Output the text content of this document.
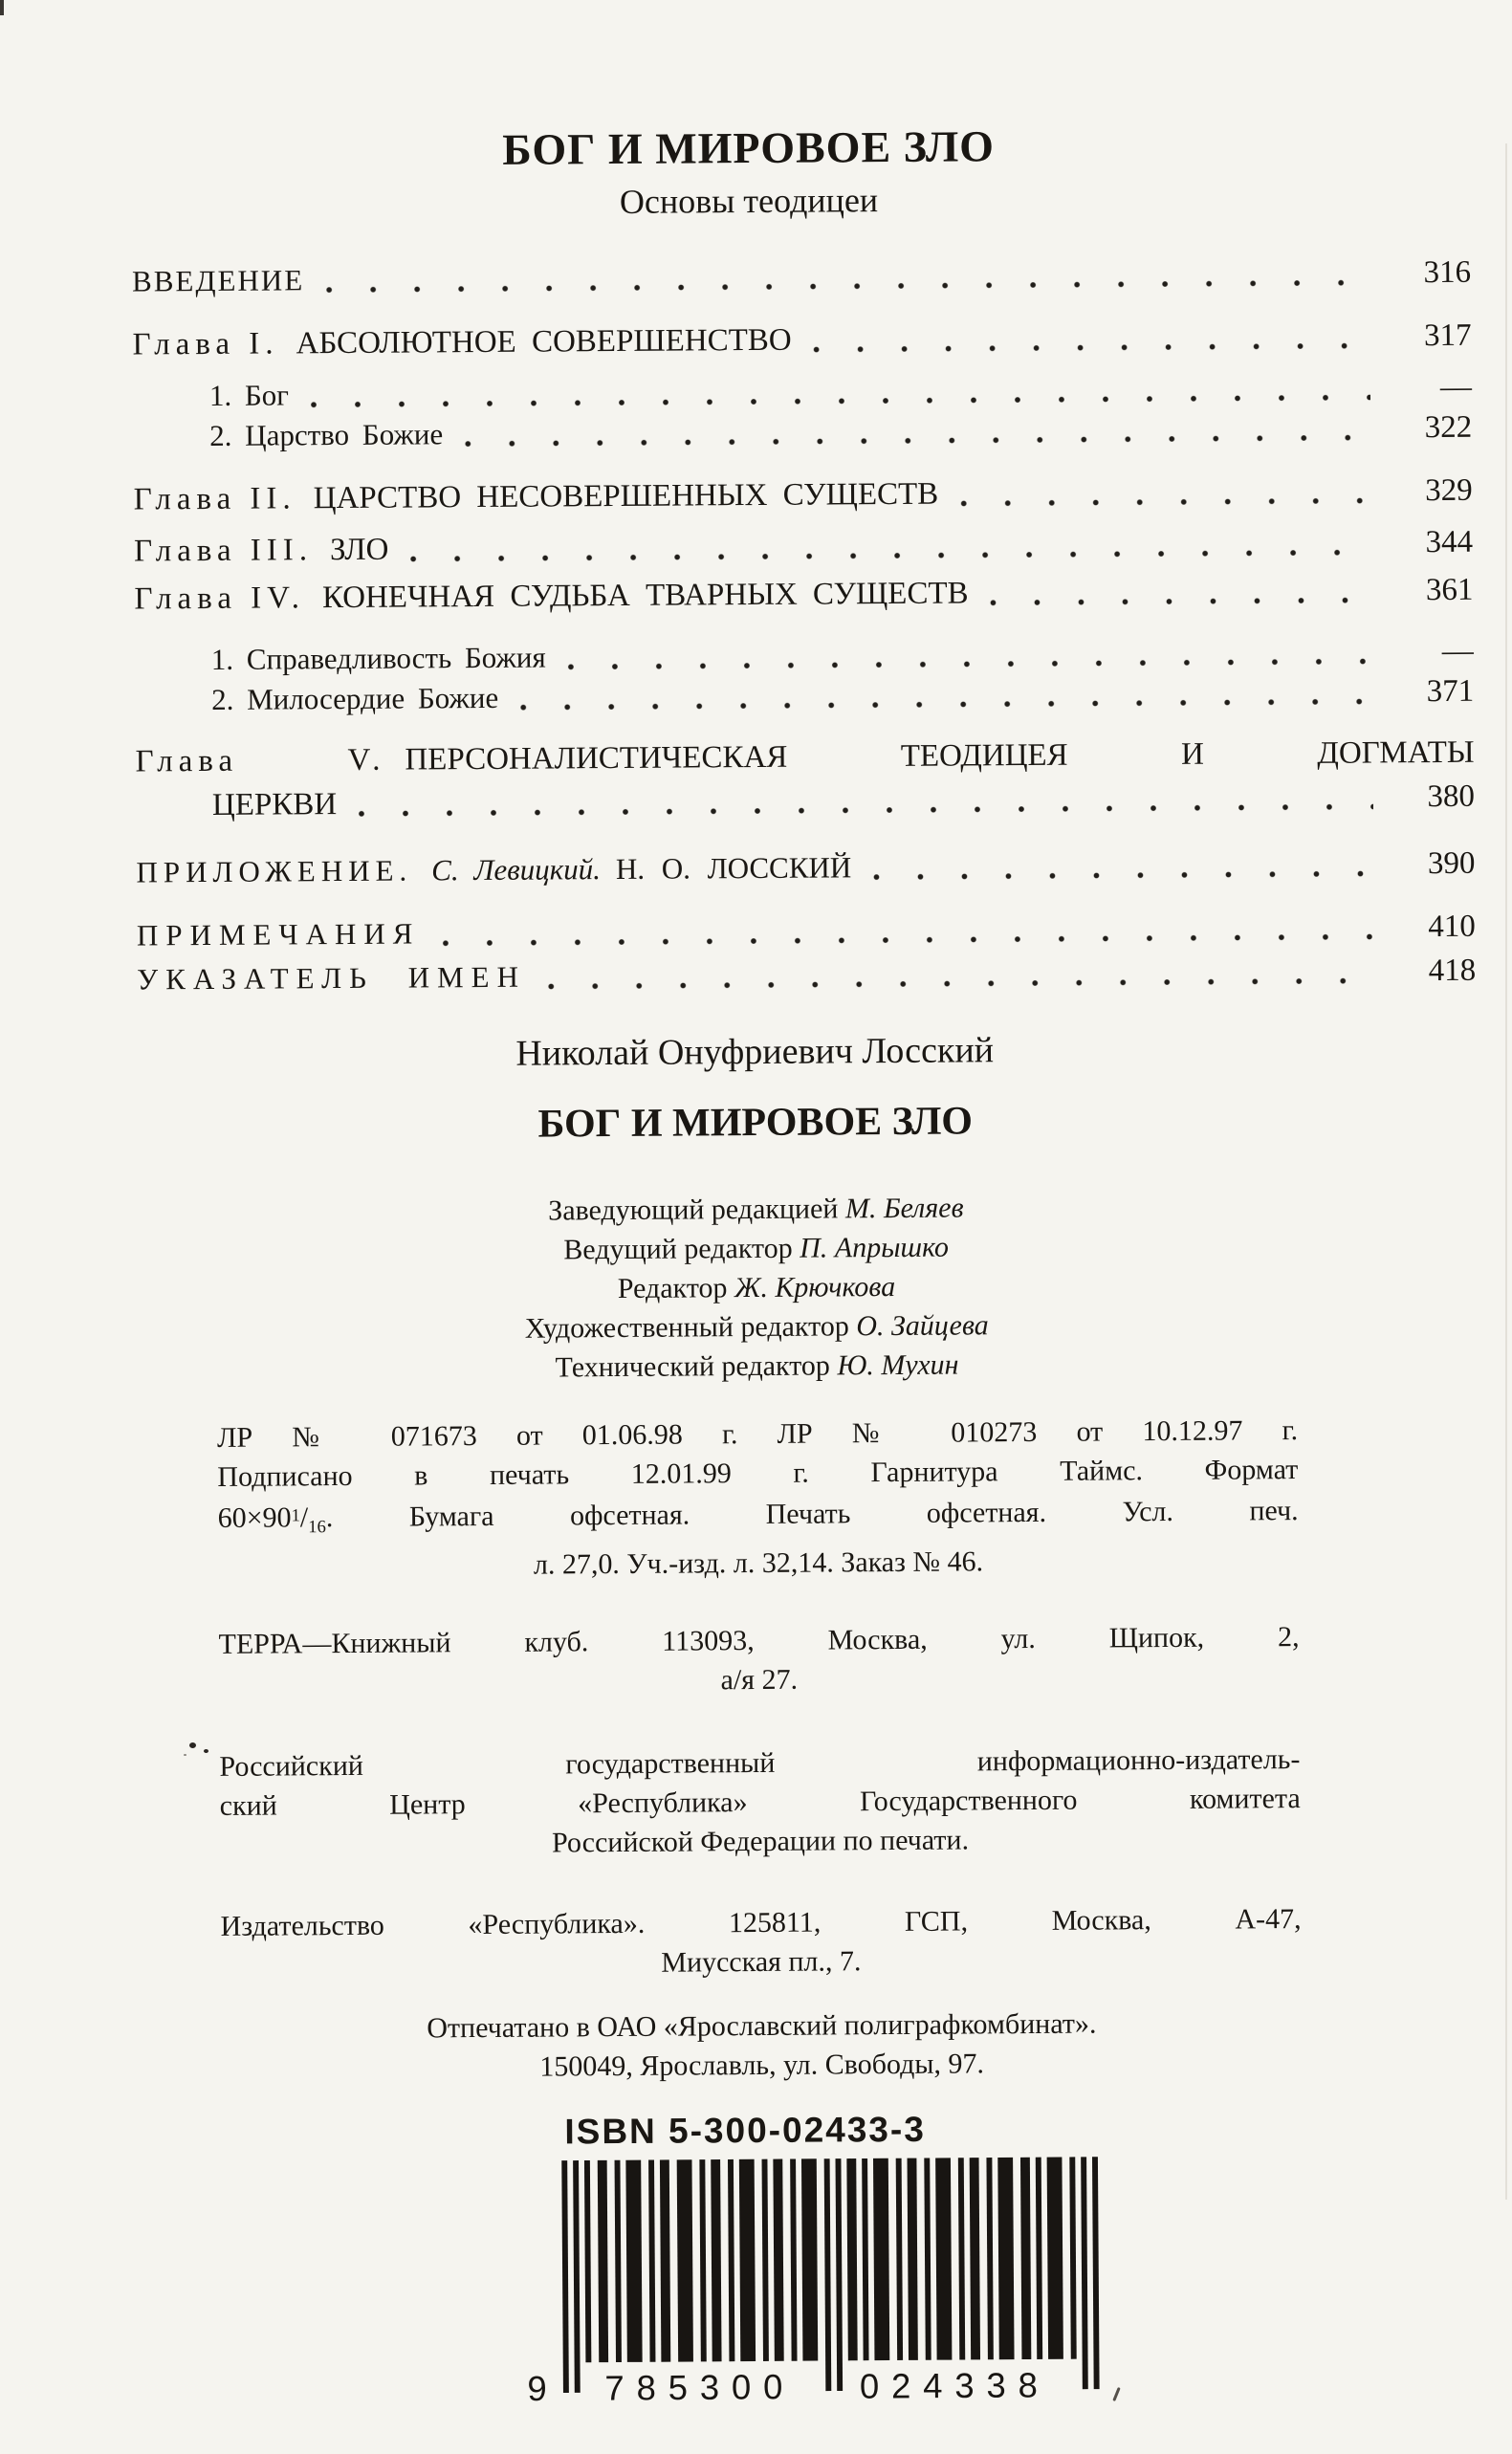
БОГ И МИРОВОЕ ЗЛО
Основы теодицеи
ВВЕДЕНИЕ	316
Глава I. АБСОЛЮТНОЕ СОВЕРШЕНСТВО	317
1. Бог	—
2. Царство Божие	322
Глава II. ЦАРСТВО НЕСОВЕРШЕННЫХ СУЩЕСТВ	329
Глава III. ЗЛО	344
Глава IV. КОНЕЧНАЯ СУДЬБА ТВАРНЫХ СУЩЕСТВ	361
1. Справедливость Божия	—
2. Милосердие Божие	371
Глава V. ПЕРСОНАЛИСТИЧЕСКАЯ ТЕОДИЦЕЯ И ДОГМАТЫ
ЦЕРКВИ	380
ПРИЛОЖЕНИЕ. С. Левицкий. Н. О. ЛОССКИЙ	390
ПРИМЕЧАНИЯ	410
УКАЗАТЕЛЬ ИМЕН	418
Николай Онуфриевич Лосский
БОГ И МИРОВОЕ ЗЛО
Заведующий редакцией М. Беляев
Ведущий редактор П. Апрышко
Редактор Ж. Крючкова
Художественный редактор О. Зайцева
Технический редактор Ю. Мухин
ЛР № 071673 от 01.06.98 г. ЛР № 010273 от 10.12.97 г.
Подписано в печать 12.01.99 г. Гарнитура Таймс. Формат
$60\times 90^1/_{16}$. Бумага офсетная. Печать офсетная. Усл. печ.
л. 27,0. Уч.-изд. л. 32,14. Заказ № 46.
ТЕРРА—Книжный клуб. 113093, Москва, ул. Щипок, 2,
а/я 27.
Российский государственный информационно-издатель-
ский Центр «Республика» Государственного комитета
Российской Федерации по печати.
Издательство «Республика». 125811, ГСП, Москва, А-47,
Миусская пл., 7.
Отпечатано в ОАО «Ярославский полиграфкомбинат».
150049, Ярославль, ул. Свободы, 97.
ISBN 5-300-02433-3
9 785300 024338
